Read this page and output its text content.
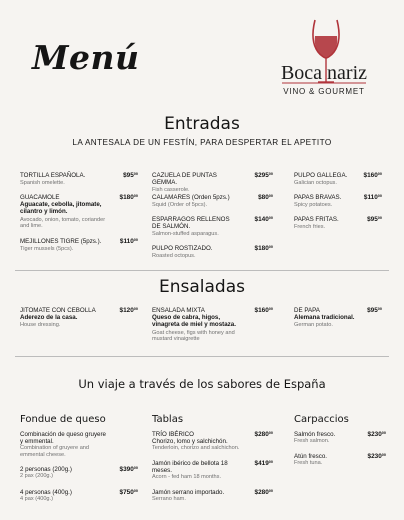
Menú	Boca nariz
VINO & GOURMET
Entradas
LA ANTESALA DE UN FESTÍN, PARA DESPERTAR EL APETITO
TORTILLA ESPAÑOLA.
Spanish omelette.
$\$95^{00}$
GUACAMOLE
Aguacate, cebolla, jitomate, cilantro y limón.
Avocado, onion, tomato, coriander and lime.
$\$180^{00}$
MEJILLONES TIGRE (5pzs.).
Tiger mussels (5pcs).
$\$110^{00}$
CAZUELA DE PUNTAS GEMMA.
Fish casserole.
$\$295^{00}$
CALAMARES (Orden 5pzs.)
Squid (Order of 5pcs).
$\$80^{00}$
ESPARRAGOS RELLENOS DE SALMÓN.
Salmon-stuffed asparagus.
$\$140^{00}$
PULPO ROSTIZADO.
Roasted octopus.
$\$180^{00}$
PULPO GALLEGA.
Galician octopus.
$\$160^{00}$
PAPAS BRAVAS.
Spicy potatoes.
$\$110^{00}$
PAPAS FRITAS.
French fries.
$\$95^{00}$
Ensaladas
JITOMATE CON CEBOLLA
Aderezo de la casa.
House dressing.
$\$120^{00}$ ENSALADA MIXTA
Queso de cabra, higos, vinagreta de miel y mostaza.
Goat cheese, figs with honey and mustard vinaigrette
$\$160^{00}$	DE PAPA
Alemana tradicional.
German potato.
$\$95^{00}$
Un viaje a través de los sabores de España
Fondue de queso
Combinación de queso gruyere y emmental.
Combination of gruyere and emmental cheese.
2 personas (200g.)
2 pax (200g.)
$\$390^{00}$
4 personas (400g.)
4 pax (400g.)
$\$750^{00}$
Tablas
TRÍO IBÉRICO
Chorizo, lomo y salchichón.
Tenderloin, chorizo and salchichon.
$\$280^{00}$
Jamón ibérico de bellota 18 meses.
Acorn - fed ham 18 months.
$\$419^{00}$
Jamón serrano importado.
Serrano ham.
$\$280^{00}$
Carpaccios
Salmón fresco.
Fresh salmon.
$\$230^{00}$
Atún fresco.
Fresh tuna.
$\$230^{00}$
